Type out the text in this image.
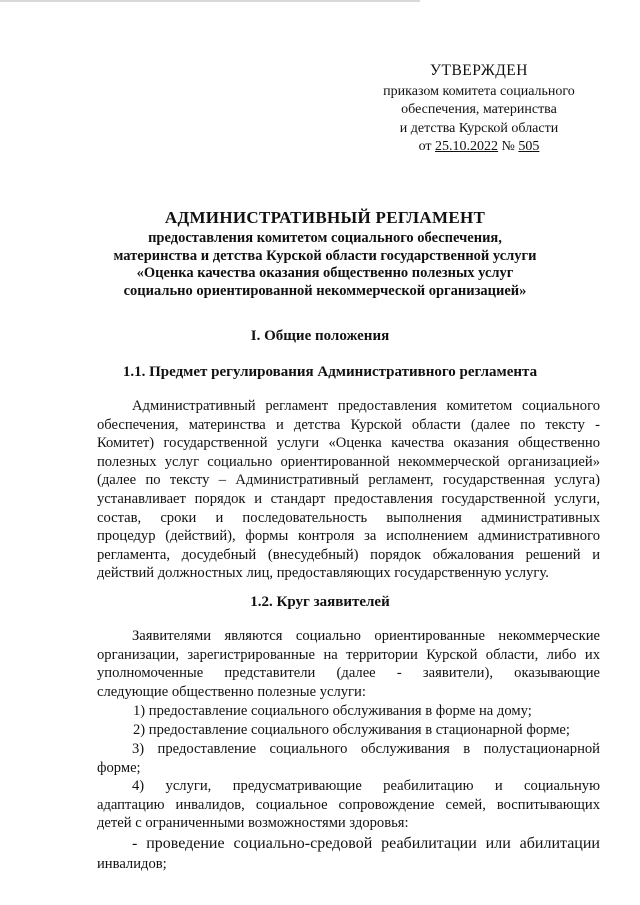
УТВЕРЖДЕН
приказом комитета социального
обеспечения, материнства
и детства Курской области
от 25.10.2022 № 505
АДМИНИСТРАТИВНЫЙ РЕГЛАМЕНТ
предоставления комитетом социального обеспечения,
материнства и детства Курской области государственной услуги
«Оценка качества оказания общественно полезных услуг
социально ориентированной некоммерческой организацией»
I. Общие положения
1.1. Предмет регулирования Административного регламента
Административный регламент предоставления комитетом социального
обеспечения, материнства и детства Курской области (далее по тексту -
Комитет) государственной услуги «Оценка качества оказания общественно
полезных услуг социально ориентированной некоммерческой организацией»
(далее по тексту – Административный регламент, государственная услуга)
устанавливает порядок и стандарт предоставления государственной услуги,
состав, сроки и последовательность выполнения административных
процедур (действий), формы контроля за исполнением административного
регламента, досудебный (внесудебный) порядок обжалования решений и
действий должностных лиц, предоставляющих государственную услугу.
1.2. Круг заявителей
Заявителями являются социально ориентированные некоммерческие
организации, зарегистрированные на территории Курской области, либо их
уполномоченные представители (далее - заявители), оказывающие
следующие общественно полезные услуги:
1) предоставление социального обслуживания в форме на дому;
2) предоставление социального обслуживания в стационарной форме;
3) предоставление социального обслуживания в полустационарной
форме;
4) услуги, предусматривающие реабилитацию и социальную
адаптацию инвалидов, социальное сопровождение семей, воспитывающих
детей с ограниченными возможностями здоровья:
- проведение социально-средовой реабилитации или абилитации
инвалидов;
